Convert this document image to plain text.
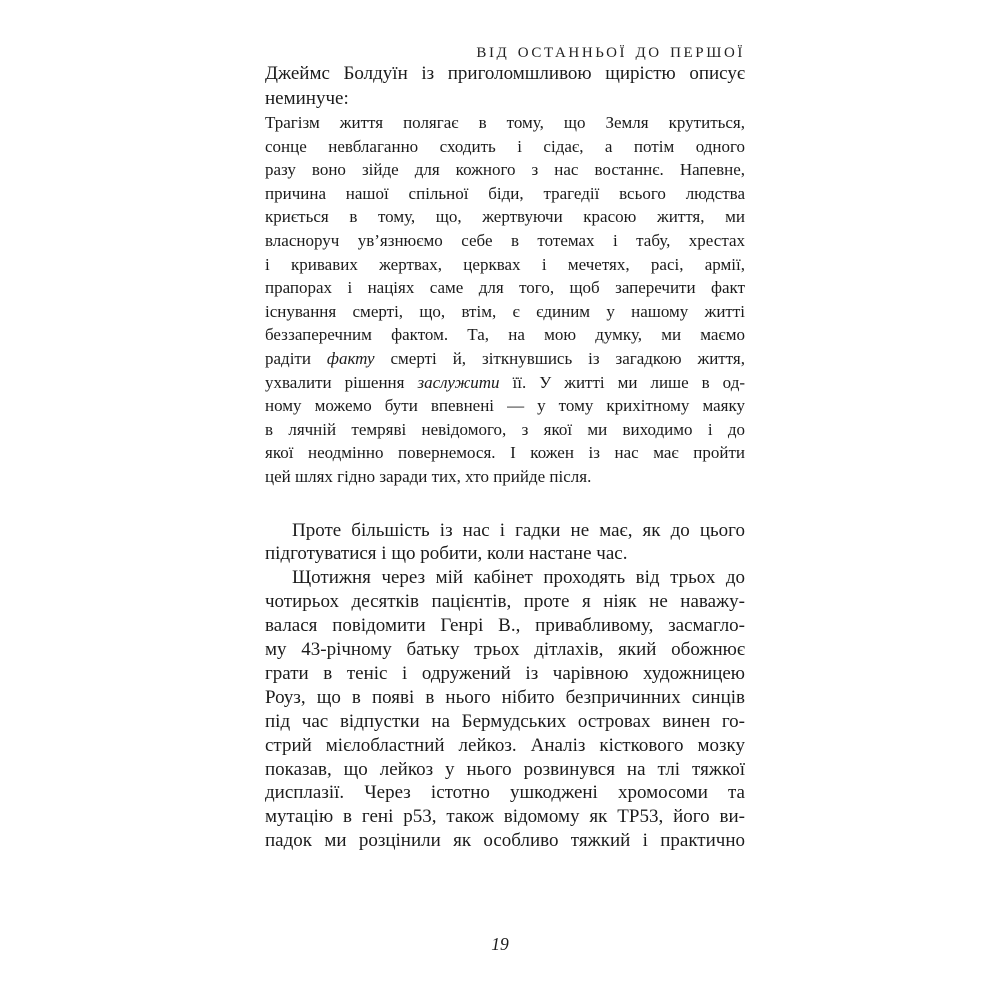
ВІД ОСТАННЬОЇ ДО ПЕРШОЇ
Джеймс Болдуїн із приголомшливою щирістю описує
неминуче:
Трагізм життя полягає в тому, що Земля крутиться,
сонце невблаганно сходить і сідає, а потім одного
разу воно зійде для кожного з нас востаннє. Напевне,
причина нашої спільної біди, трагедії всього людства
криється в тому, що, жертвуючи красою життя, ми
власноруч ув’язнюємо себе в тотемах і табу, хрестах
і кривавих жертвах, церквах і мечетях, расі, армії,
прапорах і націях саме для того, щоб заперечити факт
існування смерті, що, втім, є єдиним у нашому житті
беззаперечним фактом. Та, на мою думку, ми маємо
радіти факту смерті й, зіткнувшись із загадкою життя,
ухвалити рішення заслужити її. У житті ми лише в од-
ному можемо бути впевнені — у тому крихітному маяку
в лячній темряві невідомого, з якої ми виходимо і до
якої неодмінно повернемося. І кожен із нас має пройти
цей шлях гідно заради тих, хто прийде після.
Проте більшість із нас і гадки не має, як до цього
підготуватися і що робити, коли настане час.
Щотижня через мій кабінет проходять від трьох до
чотирьох десятків пацієнтів, проте я ніяк не наважу-
валася повідомити Генрі В., привабливому, засмагло-
му 43-річному батьку трьох дітлахів, який обожнює
грати в теніс і одружений із чарівною художницею
Роуз, що в появі в нього нібито безпричинних синців
під час відпустки на Бермудських островах винен го-
стрий мієлобластний лейкоз. Аналіз кісткового мозку
показав, що лейкоз у нього розвинувся на тлі тяжкої
дисплазії. Через істотно ушкоджені хромосоми та
мутацію в гені p53, також відомому як ТР53, його ви-
падок ми розцінили як особливо тяжкий і практично
19
